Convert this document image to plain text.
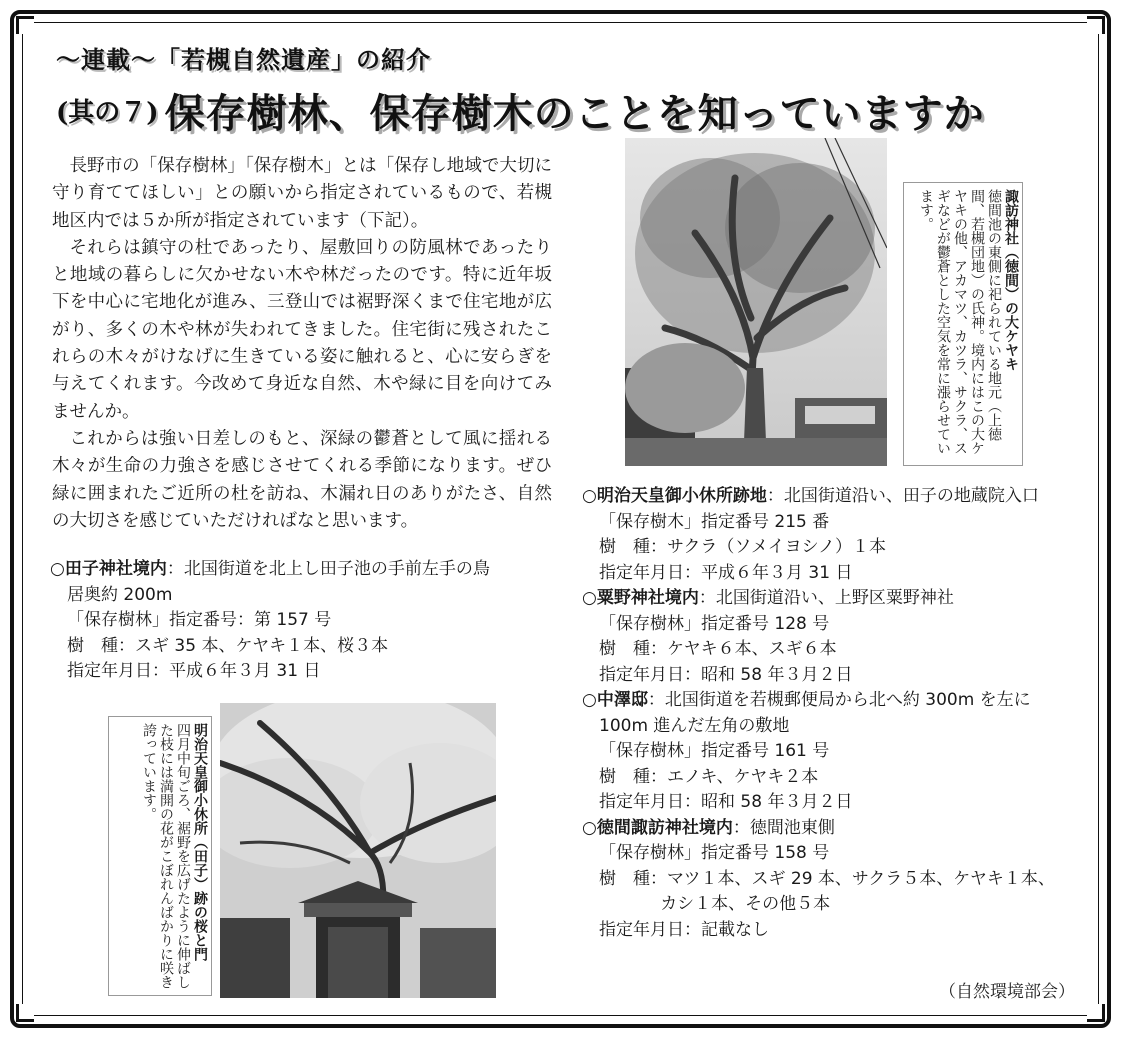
～連載～「若槻自然遺産」の紹介
(其の７) 保存樹林、保存樹木のことを知っていますか

長野市の「保存樹林」「保存樹木」とは「保存し地域で大切に守り育ててほしい」との願いから指定されているもので、若槻地区内では５か所が指定されています（下記）。

それらは鎮守の杜であったり、屋敷回りの防風林であったりと地域の暮らしに欠かせない木や林だったのです。特に近年坂下を中心に宅地化が進み、三登山では裾野深くまで住宅地が広がり、多くの木や林が失われてきました。住宅街に残されたこれらの木々がけなげに生きている姿に触れると、心に安らぎを与えてくれます。今改めて身近な自然、木や緑に目を向けてみませんか。

これからは強い日差しのもと、深緑の鬱蒼として風に揺れる木々が生命の力強さを感じさせてくれる季節になります。ぜひ緑に囲まれたご近所の杜を訪ね、木漏れ日のありがたさ、自然の大切さを感じていただければなと思います。

○田子神社境内：北国街道を北上し田子池の手前左手の鳥
居奥約 200m
「保存樹林」指定番号：第 157 号
樹　種：スギ 35 本、ケヤキ１本、桜３本
指定年月日：平成６年３月 31 日
○明治天皇御小休所跡地：北国街道沿い、田子の地蔵院入口
「保存樹木」指定番号 215 番
樹　種：サクラ（ソメイヨシノ）１本
指定年月日：平成６年３月 31 日
○粟野神社境内：北国街道沿い、上野区粟野神社
「保存樹林」指定番号 128 号
樹　種：ケヤキ６本、スギ６本
指定年月日：昭和 58 年３月２日
○中澤邸：北国街道を若槻郵便局から北へ約 300m を左に
100m 進んだ左角の敷地
「保存樹林」指定番号 161 号
樹　種：エノキ、ケヤキ２本
指定年月日：昭和 58 年３月２日
○徳間諏訪神社境内：徳間池東側
「保存樹林」指定番号 158 号
樹　種：マツ１本、スギ 29 本、サクラ５本、ケヤキ１本、
カシ１本、その他５本
指定年月日：記載なし
諏訪神社（徳間）の大ケヤキ
徳間池の東側に祀られている地元（上徳間、若槻団地）の氏神。境内にはこの大ケヤキの他、アカマツ、カツラ、サクラ、スギなどが鬱蒼とした空気を常に漲らせています。
明治天皇御小休所（田子）跡の桜と門
四月中旬ごろ、裾野を広げたように伸ばした枝には満開の花がこぼれんばかりに咲き誇っています。
（自然環境部会）
